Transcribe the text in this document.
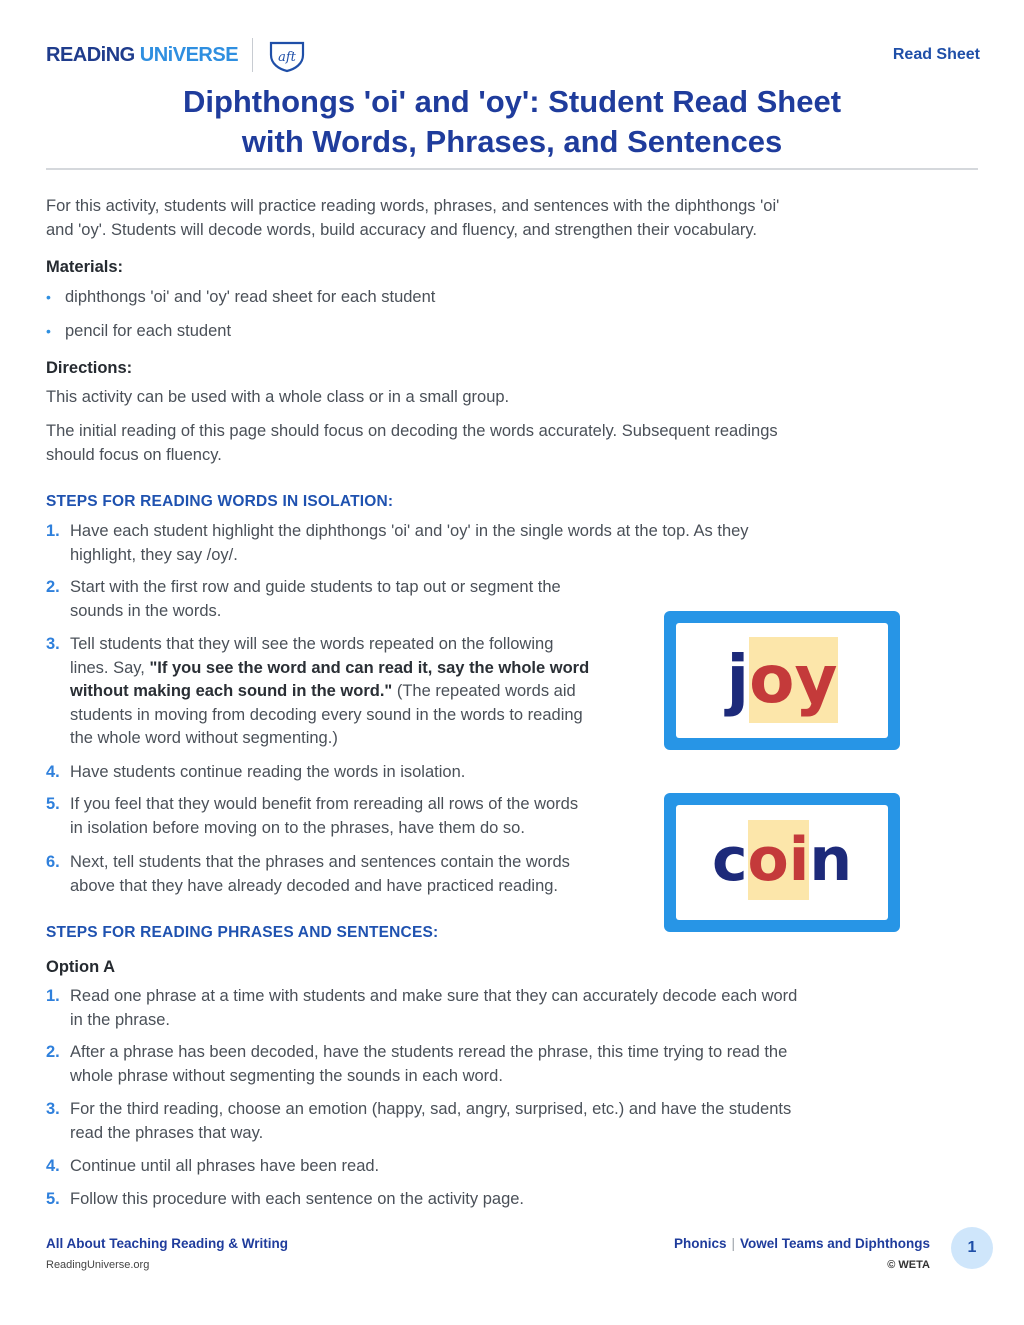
READiNG UNiVERSE	aft	Read Sheet
Diphthongs 'oi' and 'oy': Student Read Sheet
with Words, Phrases, and Sentences
For this activity, students will practice reading words, phrases, and sentences with the diphthongs 'oi'
and 'oy'. Students will decode words, build accuracy and fluency, and strengthen their vocabulary.
Materials:
• diphthongs 'oi' and 'oy' read sheet for each student
• pencil for each student
Directions:
This activity can be used with a whole class or in a small group.
The initial reading of this page should focus on decoding the words accurately. Subsequent readings
should focus on fluency.
STEPS FOR READING WORDS IN ISOLATION:
1. Have each student highlight the diphthongs 'oi' and 'oy' in the single words at the top. As they
highlight, they say /oy/.
2. Start with the first row and guide students to tap out or segment the
sounds in the words.
3. Tell students that they will see the words repeated on the following
lines. Say, "If you see the word and can read it, say the whole word
without making each sound in the word." (The repeated words aid
students in moving from decoding every sound in the words to reading
the whole word without segmenting.)
4. Have students continue reading the words in isolation.
5. If you feel that they would benefit from rereading all rows of the words
in isolation before moving on to the phrases, have them do so.
6. Next, tell students that the phrases and sentences contain the words
above that they have already decoded and have practiced reading.
joy
coin
STEPS FOR READING PHRASES AND SENTENCES:
Option A
1. Read one phrase at a time with students and make sure that they can accurately decode each word
in the phrase.
2. After a phrase has been decoded, have the students reread the phrase, this time trying to read the
whole phrase without segmenting the sounds in each word.
3. For the third reading, choose an emotion (happy, sad, angry, surprised, etc.) and have the students
read the phrases that way.
4. Continue until all phrases have been read.
5. Follow this procedure with each sentence on the activity page.
All About Teaching Reading & Writing
ReadingUniverse.org
Phonics | Vowel Teams and Diphthongs
© WETA
1
